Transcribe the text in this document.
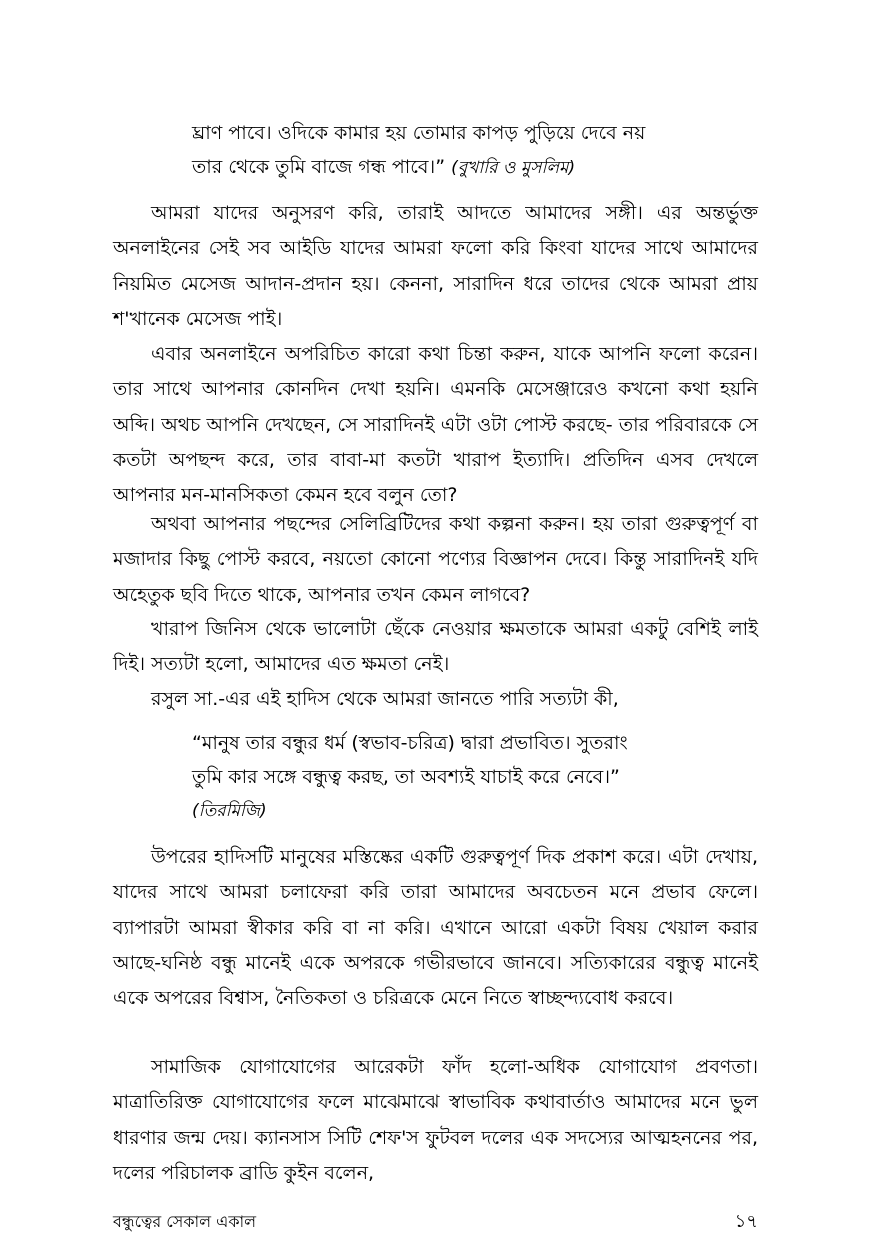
ঘ্রাণ পাবে। ওদিকে কামার হয় তোমার কাপড় পুড়িয়ে দেবে নয়
তার থেকে তুমি বাজে গন্ধ পাবে।” (বুখারি ও মুসলিম)

আমরা যাদের অনুসরণ করি, তারাই আদতে আমাদের সঙ্গী। এর অন্তর্ভুক্ত অনলাইনের সেই সব আইডি যাদের আমরা ফলো করি কিংবা যাদের সাথে আমাদের নিয়মিত মেসেজ আদান-প্রদান হয়। কেননা, সারাদিন ধরে তাদের থেকে আমরা প্রায় শ'খানেক মেসেজ পাই।

এবার অনলাইনে অপরিচিত কারো কথা চিন্তা করুন, যাকে আপনি ফলো করেন। তার সাথে আপনার কোনদিন দেখা হয়নি। এমনকি মেসেঞ্জারেও কখনো কথা হয়নি অব্দি। অথচ আপনি দেখছেন, সে সারাদিনই এটা ওটা পোস্ট করছে- তার পরিবারকে সে কতটা অপছন্দ করে, তার বাবা-মা কতটা খারাপ ইত্যাদি। প্রতিদিন এসব দেখলে আপনার মন-মানসিকতা কেমন হবে বলুন তো?

অথবা আপনার পছন্দের সেলিব্রিটিদের কথা কল্পনা করুন। হয় তারা গুরুত্বপূর্ণ বা মজাদার কিছু পোস্ট করবে, নয়তো কোনো পণ্যের বিজ্ঞাপন দেবে। কিন্তু সারাদিনই যদি অহেতুক ছবি দিতে থাকে, আপনার তখন কেমন লাগবে?

খারাপ জিনিস থেকে ভালোটা ছেঁকে নেওয়ার ক্ষমতাকে আমরা একটু বেশিই লাই দিই। সত্যটা হলো, আমাদের এত ক্ষমতা নেই।

রসুল সা.-এর এই হাদিস থেকে আমরা জানতে পারি সত্যটা কী,

“মানুষ তার বন্ধুর ধর্ম (স্বভাব-চরিত্র) দ্বারা প্রভাবিত। সুতরাং
তুমি কার সঙ্গে বন্ধুত্ব করছ, তা অবশ্যই যাচাই করে নেবে।”
(তিরমিজি)

উপরের হাদিসটি মানুষের মস্তিষ্কের একটি গুরুত্বপূর্ণ দিক প্রকাশ করে। এটা দেখায়, যাদের সাথে আমরা চলাফেরা করি তারা আমাদের অবচেতন মনে প্রভাব ফেলে। ব্যাপারটা আমরা স্বীকার করি বা না করি। এখানে আরো একটা বিষয় খেয়াল করার আছে-ঘনিষ্ঠ বন্ধু মানেই একে অপরকে গভীরভাবে জানবে। সত্যিকারের বন্ধুত্ব মানেই একে অপরের বিশ্বাস, নৈতিকতা ও চরিত্রকে মেনে নিতে স্বাচ্ছন্দ্যবোধ করবে।

সামাজিক যোগাযোগের আরেকটা ফাঁদ হলো-অধিক যোগাযোগ প্রবণতা। মাত্রাতিরিক্ত যোগাযোগের ফলে মাঝেমাঝে স্বাভাবিক কথাবার্তাও আমাদের মনে ভুল ধারণার জন্ম দেয়। ক্যানসাস সিটি শেফ'স ফুটবল দলের এক সদস্যের আত্মহননের পর, দলের পরিচালক ব্রাডি কুইন বলেন,

বন্ধুত্বের সেকাল একাল	১৭
